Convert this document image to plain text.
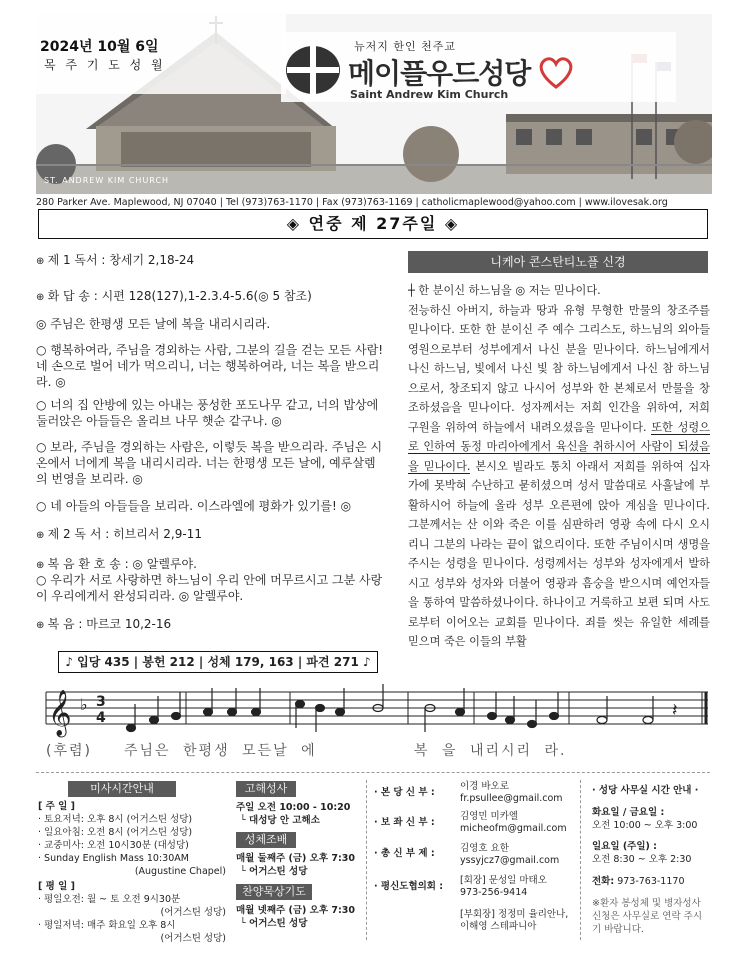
2024년 10월 6일
목 주 기 도 성 월
뉴저지 한인 천주교
메이플우드성당
Saint Andrew Kim Church
ST. ANDREW KIM CHURCH
280 Parker Ave. Maplewood, NJ 07040 | Tel (973)763-1170 | Fax (973)763-1169 | catholicmaplewood@yahoo.com | www.ilovesak.org
◈ 연중 제 27주일 ◈
⊕ 제 1 독서 : 창세기 2,18-24
⊕ 화 답 송 : 시편 128(127),1-2.3.4-5.6(◎ 5 참조)
◎ 주님은 한평생 모든 날에 복을 내리시리라.
○ 행복하여라, 주님을 경외하는 사람, 그분의 길을 걷는 모든 사람! 네 손으로 벌어 네가 먹으리니, 너는 행복하여라, 너는 복을 받으리라. ◎
○ 너의 집 안방에 있는 아내는 풍성한 포도나무 같고, 너의 밥상에 둘러앉은 아들들은 올리브 나무 햇순 같구나. ◎
○ 보라, 주님을 경외하는 사람은, 이렇듯 복을 받으리라. 주님은 시온에서 너에게 복을 내리시리라. 너는 한평생 모든 날에, 예루살렘의 번영을 보리라. ◎
○ 네 아들의 아들들을 보리라. 이스라엘에 평화가 있기를! ◎
⊕ 제 2 독 서 : 히브리서 2,9-11
⊕ 복 음 환 호 송 : ◎ 알렐루야.
○ 우리가 서로 사랑하면 하느님이 우리 안에 머무르시고 그분 사랑이 우리에게서 완성되리라. ◎ 알렐루야.
⊕ 복 음 : 마르코 10,2-16
니케아 콘스탄티노플 신경
┼ 한 분이신 하느님을 ◎ 저는 믿나이다.
전능하신 아버지, 하늘과 땅과 유형 무형한 만물의 창조주를 믿나이다. 또한 한 분이신 주 예수 그리스도, 하느님의 외아들 영원으로부터 성부에게서 나신 분을 믿나이다. 하느님에게서 나신 하느님, 빛에서 나신 빛 참 하느님에게서 나신 참 하느님으로서, 창조되지 않고 나시어 성부와 한 본체로서 만물을 창조하셨음을 믿나이다. 성자께서는 저희 인간을 위하여, 저희 구원을 위하여 하늘에서 내려오셨음을 믿나이다. 또한 성령으로 인하여 동정 마리아에게서 육신을 취하시어 사람이 되셨음을 믿나이다. 본시오 빌라도 통치 아래서 저희를 위하여 십자가에 못박혀 수난하고 묻히셨으며 성서 말씀대로 사흘날에 부활하시어 하늘에 올라 성부 오른편에 앉아 계심을 믿나이다. 그분께서는 산 이와 죽은 이를 심판하러 영광 속에 다시 오시리니 그분의 나라는 끝이 없으리이다. 또한 주님이시며 생명을 주시는 성령을 믿나이다. 성령께서는 성부와 성자에게서 발하시고 성부와 성자와 더불어 영광과 흠숭을 받으시며 예언자들을 통하여 말씀하셨나이다. 하나이고 거룩하고 보편 되며 사도로부터 이어오는 교회를 믿나이다. 죄를 씻는 유일한 세례를 믿으며 죽은 이들의 부활
♪ 입당 435 | 봉헌 212 | 성체 179, 163 | 파견 271 ♪
𝄞 ♭ 3
4	𝄽
(후렴) 주님은 한평생 모든날 에	복 을 내리시리 라.
미사시간안내
[ 주 일 ]
· 토요저녁: 오후 8시 (어거스틴 성당)
· 일요아침: 오전 8시 (어거스틴 성당)
· 교중미사: 오전 10시30분 (대성당)
· Sunday English Mass 10:30AM
(Augustine Chapel)
[ 평 일 ]
· 평일오전: 월 ~ 토 오전 9시30분
(어거스틴 성당)
· 평일저녁: 매주 화요일 오후 8시
(어거스틴 성당)
고해성사
주일 오전 10:00 - 10:20
└ 대성당 안 고해소
성체조배
매월 둘째주 (금) 오후 7:30
└ 어거스틴 성당
찬양묵상기도
매월 넷째주 (금) 오후 7:30
└ 어거스틴 성당
· 본 당 신 부 :
이경 바오로
fr.psullee@gmail.com
· 보 좌 신 부 :
김영민 미카엘
micheofm@gmail.com
· 총 신 부 제 :	김영호 요한
yssyjcz7@gmail.com
· 평신도협의회 :
[회장] 문성일 마태오
973-256-9414
[부회장] 정정미 율리안나,
이해영 스테파니아
· 성당 사무실 시간 안내 ·
화요일 / 금요일 :
오전 10:00 ~ 오후 3:00
일요일 (주일) :
오전 8:30 ~ 오후 2:30
전화: 973-763-1170
※환자 봉성체 및 병자성사 신청은 사무실로 연락 주시기 바랍니다.
